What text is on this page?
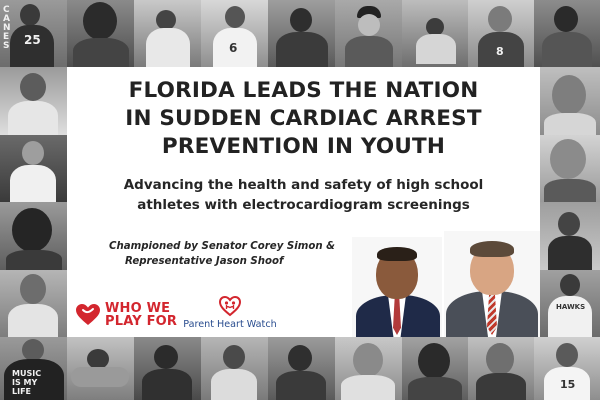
CANES 25
6	8
HAWKS
MUSIC IS MY LIFE
15
FLORIDA LEADS THE NATION
IN SUDDEN CARDIAC ARREST
PREVENTION IN YOUTH

Advancing the health and safety of high school
athletes with electrocardiogram screenings

Championed by Senator Corey Simon &
Representative Jason Shoof

WHO WE
PLAY FOR Parent Heart Watch
